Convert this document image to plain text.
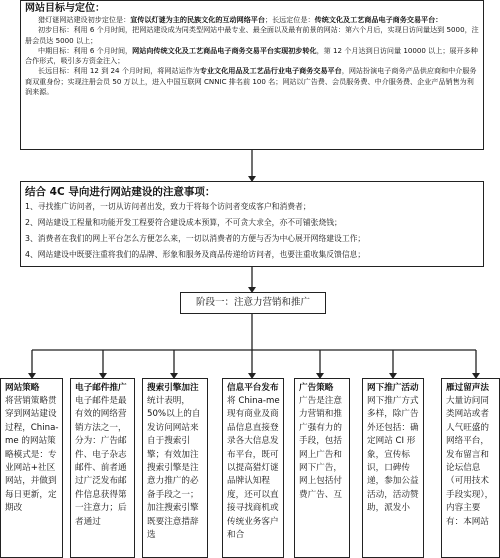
网站目标与定位：

猎灯谜网站建设初步定位是：宣传以灯谜为主的民族文化的互动网络平台；长远定位是：传统文化及工艺商品电子商务交易平台：

初步目标：利用 6 个月时间，把网站建设成为同类型网站中最专业、最全面以及最有前景的网站：第六个月后，实现日访问量达到 5000，注册会员达 5000 以上；

中期目标：利用 6 个月时间，网站向传统文化及工艺商品电子商务交易平台实现初步转化，第 12 个月达到日访问量 10000 以上；展开多种合作形式，吸引多方资金注入；

长远目标：利用 12 到 24 个月时间，将网站运作为专业文化用品及工艺品行业电子商务交易平台，网站扮演电子商务产品供应商和中介服务商双重身份；实现注册会员 50 万以上，进入中国互联网 CNNIC 排名前 100 名；网站以广告费、会员服务费、中介服务费、企业产品销售为利润来源。

结合 4C 导向进行网站建设的注意事项：

1、寻找推广访问者，一切从访问者出发，致力于将每个访问者变成客户和消费者；

2、网站建设工程量和功能开发工程要符合建设成本预算，不可贪大求全，亦不可铺张烧钱；

3、消费者在我们的网上平台怎么方便怎么来，一切以消费者的方便与否为中心展开网络建设工作；

4、网站建设中既要注重将我们的品牌、形象和服务及商品传递给访问者，也要注重收集反馈信息；

阶段一：注意力营销和推广
网站策略
将营销策略贯穿到网站建设过程，China-me 的网站策略模式是：专业网站+社区网站，并做到每日更新，定期改
电子邮件推广
电子邮件是最有效的网络营销方法之一，分为：广告邮件、电子杂志邮件、前者通过广泛发布邮件信息获得第一注意力；后者通过
搜索引擎加注
统计表明，50%以上的自发访问网站来自于搜索引擎；有效加注搜索引擎是注意力推广的必备手段之一；加注搜索引擎既要注意措辞选
信息平台发布
将 China-me 现有商业及商品信息直接登录各大信息发布平台，既可以提高猎灯谜品牌认知程度，还可以直接寻找商机或传统业务客户和合
广告策略
广告是注意力营销和推广强有力的手段，包括网上广告和网下广告，网上包括付费广告、互
网下推广活动
网下推广方式多样，除广告外还包括：确定网站 CI 形象，宣传标识，口碑传递，参加公益活动，活动赞助，派发小
雁过留声法
大量访问同类网站或者人气旺盛的网络平台，发布留言和论坛信息（可用技术手段实现），内容主要有：本网站
